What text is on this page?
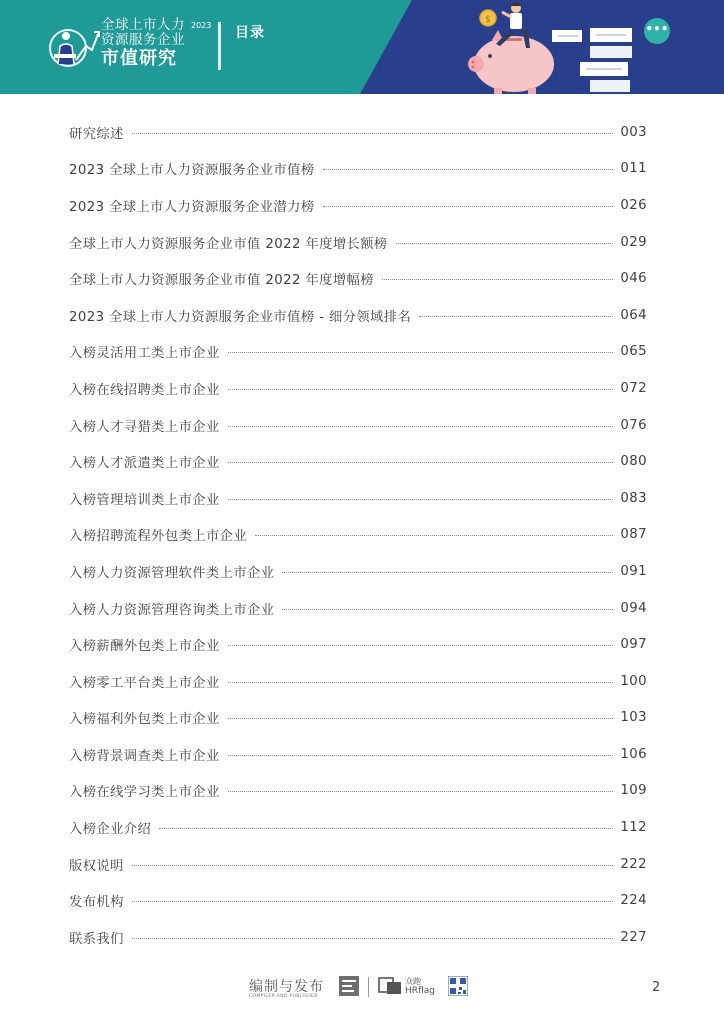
全球上市人力 $^{2023}$
资源服务企业
市值研究
目录
$
•••
研究综述	003
2023 全球上市人力资源服务企业市值榜	011
2023 全球上市人力资源服务企业潜力榜	026
全球上市人力资源服务企业市值 2022 年度增长额榜	029
全球上市人力资源服务企业市值 2022 年度增幅榜	046
2023 全球上市人力资源服务企业市值榜 - 细分领域排名	064
入榜灵活用工类上市企业	065
入榜在线招聘类上市企业	072
入榜人才寻猎类上市企业	076
入榜人才派遣类上市企业	080
入榜管理培训类上市企业	083
入榜招聘流程外包类上市企业	087
入榜人力资源管理软件类上市企业	091
入榜人力资源管理咨询类上市企业	094
入榜薪酬外包类上市企业	097
入榜零工平台类上市企业	100
入榜福利外包类上市企业	103
入榜背景调查类上市企业	106
入榜在线学习类上市企业	109
入榜企业介绍	112
版权说明	222
发布机构	224
联系我们	227
编制与发布
COMPILER AND PUBLISHER
众跑
HRflag	2
